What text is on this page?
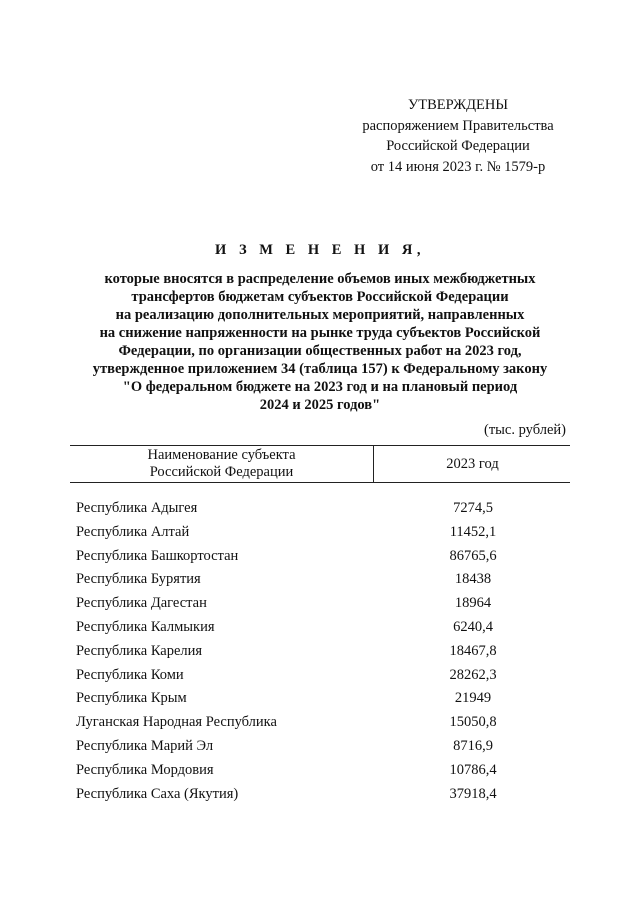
УТВЕРЖДЕНЫ
распоряжением Правительства
Российской Федерации
от 14 июня 2023 г. № 1579-р
И З М Е Н Е Н И Я,
которые вносятся в распределение объемов иных межбюджетных
трансфертов бюджетам субъектов Российской Федерации
на реализацию дополнительных мероприятий, направленных
на снижение напряженности на рынке труда субъектов Российской
Федерации, по организации общественных работ на 2023 год,
утвержденное приложением 34 (таблица 157) к Федеральному закону
"О федеральном бюджете на 2023 год и на плановый период
2024 и 2025 годов"
(тыс. рублей)
Наименование субъекта
Российской Федерации	2023 год
Республика Адыгея	7274,5
Республика Алтай	11452,1
Республика Башкортостан	86765,6
Республика Бурятия	18438
Республика Дагестан	18964
Республика Калмыкия	6240,4
Республика Карелия	18467,8
Республика Коми	28262,3
Республика Крым	21949
Луганская Народная Республика	15050,8
Республика Марий Эл	8716,9
Республика Мордовия	10786,4
Республика Саха (Якутия)	37918,4
